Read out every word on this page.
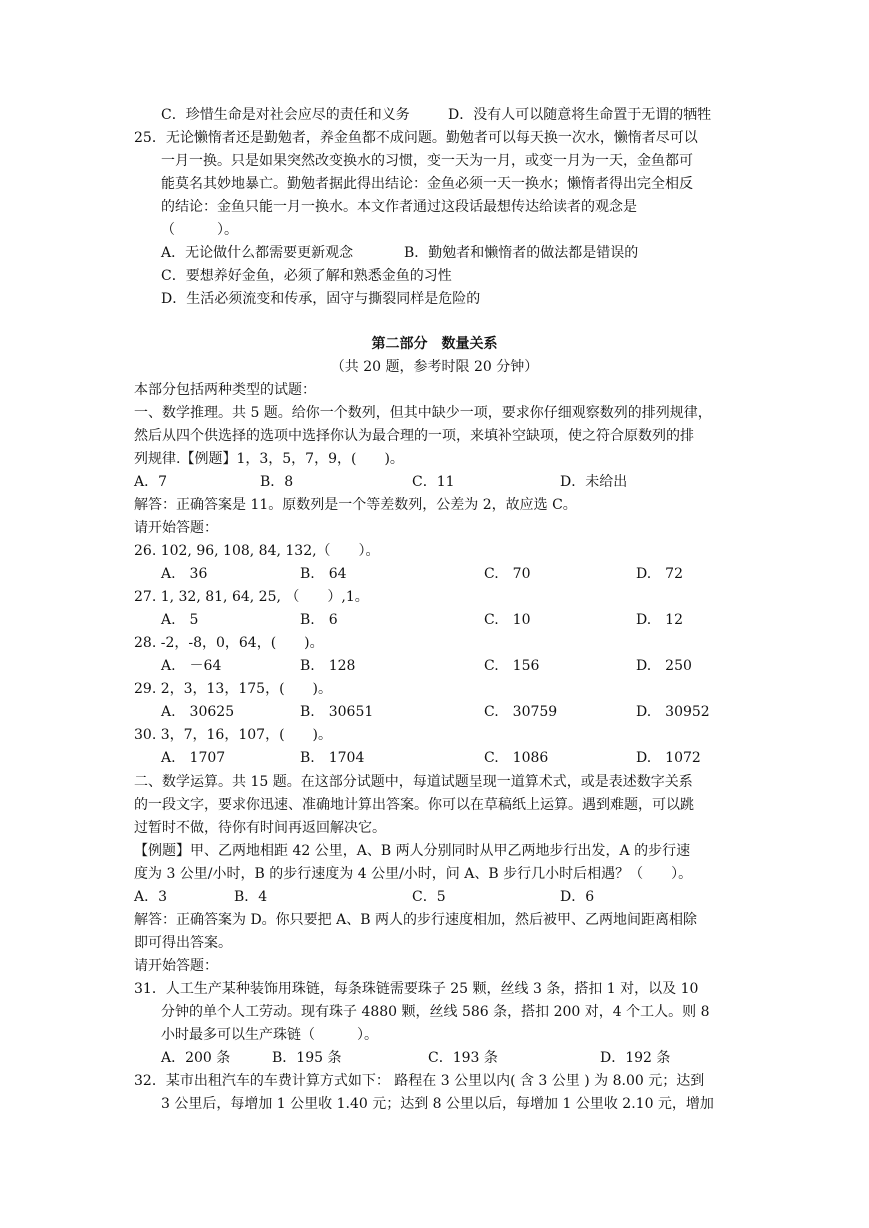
C．珍惜生命是对社会应尽的责任和义务	D．没有人可以随意将生命置于无谓的牺牲
25．无论懒惰者还是勤勉者，养金鱼都不成问题。勤勉者可以每天换一次水，懒惰者尽可以
一月一换。只是如果突然改变换水的习惯，变一天为一月，或变一月为一天，金鱼都可
能莫名其妙地暴亡。勤勉者据此得出结论：金鱼必须一天一换水；懒惰者得出完全相反
的结论：金鱼只能一月一换水。本文作者通过这段话最想传达给读者的观念是
（　　　）。
A．无论做什么都需要更新观念	B．勤勉者和懒惰者的做法都是错误的
C．要想养好金鱼，必须了解和熟悉金鱼的习性
D．生活必须流变和传承，固守与撕裂同样是危险的
第二部分　数量关系
（共 20 题，参考时限 20 分钟）
本部分包括两种类型的试题：
一、数学推理。共 5 题。给你一个数列，但其中缺少一项，要求你仔细观察数列的排列规律，
然后从四个供选择的选项中选择你认为最合理的一项，来填补空缺项，使之符合原数列的排
列规律.【例题】1，3，5，7，9，(　　)。
A．7	B．8	C．11	D．未给出
解答：正确答案是 11。原数列是一个等差数列，公差为 2，故应选 C。
请开始答题：
26. 102, 96, 108, 84, 132,（　　）。
A.　36	B.　64	C.　70	D.　72
27. 1, 32, 81, 64, 25, （　　）,1。
A.　5	B.　6	C.　10	D.　12
28. -2，-8，0，64，(　　)。
A.　－64	B.　128	C.　156	D.　250
29. 2，3，13，175，(　　)。
A.　30625	B.　30651	C.　30759	D.　30952
30. 3，7，16，107，(　　)。
A.　1707	B.　1704	C.　1086	D.　1072
二、数学运算。共 15 题。在这部分试题中，每道试题呈现一道算术式，或是表述数字关系
的一段文字，要求你迅速、准确地计算出答案。你可以在草稿纸上运算。遇到难题，可以跳
过暂时不做，待你有时间再返回解决它。
【例题】甲、乙两地相距 42 公里，A、B 两人分别同时从甲乙两地步行出发，A 的步行速
度为 3 公里/小时，B 的步行速度为 4 公里/小时，问 A、B 步行几小时后相遇？（　　）。
A．3	B．4	C．5	D．6
解答：正确答案为 D。你只要把 A、B 两人的步行速度相加，然后被甲、乙两地间距离相除
即可得出答案。
请开始答题：
31．人工生产某种装饰用珠链，每条珠链需要珠子 25 颗，丝线 3 条，搭扣 1 对，以及 10
分钟的单个人工劳动。现有珠子 4880 颗，丝线 586 条，搭扣 200 对，4 个工人。则 8
小时最多可以生产珠链（　　　）。
A．200 条	B．195 条	C．193 条	D．192 条
32．某市出租汽车的车费计算方式如下： 路程在 3 公里以内( 含 3 公里 ) 为 8.00 元；达到
3 公里后，每增加 1 公里收 1.40 元；达到 8 公里以后，每增加 1 公里收 2.10 元，增加
